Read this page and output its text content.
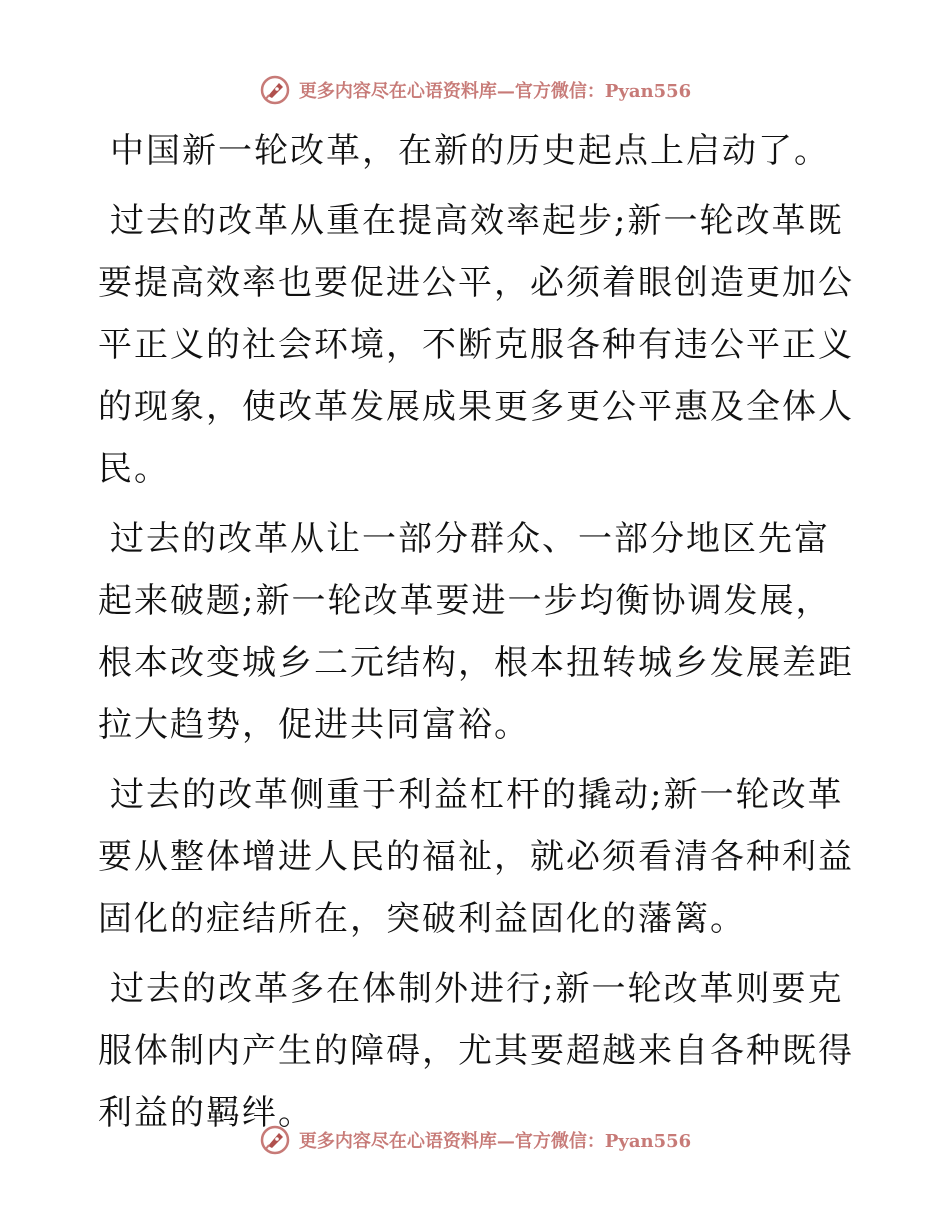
更多内容尽在心语资料库—官方微信：Pyan556

中国新一轮改革，在新的历史起点上启动了。

过去的改革从重在提高效率起步;新一轮改革既要提高效率也要促进公平，必须着眼创造更加公平正义的社会环境，不断克服各种有违公平正义的现象，使改革发展成果更多更公平惠及全体人民。

过去的改革从让一部分群众、一部分地区先富起来破题;新一轮改革要进一步均衡协调发展，根本改变城乡二元结构，根本扭转城乡发展差距拉大趋势，促进共同富裕。

过去的改革侧重于利益杠杆的撬动;新一轮改革要从整体增进人民的福祉，就必须看清各种利益固化的症结所在，突破利益固化的藩篱。

过去的改革多在体制外进行;新一轮改革则要克服体制内产生的障碍，尤其要超越来自各种既得利益的羁绊。

更多内容尽在心语资料库—官方微信：Pyan556
